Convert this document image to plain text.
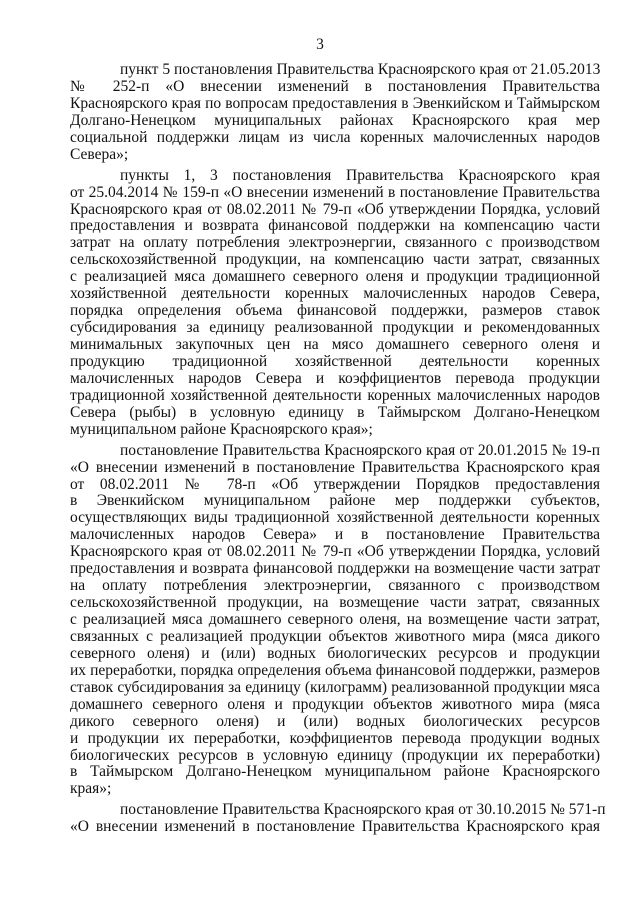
3
пункт 5 постановления Правительства Красноярского края от 21.05.2013
№ 252-п «О внесении изменений в постановления Правительства
Красноярского края по вопросам предоставления в Эвенкийском и Таймырском
Долгано-Ненецком муниципальных районах Красноярского края мер
социальной поддержки лицам из числа коренных малочисленных народов
Севера»;
пункты 1, 3 постановления Правительства Красноярского края
от 25.04.2014 № 159-п «О внесении изменений в постановление Правительства
Красноярского края от 08.02.2011 № 79-п «Об утверждении Порядка, условий
предоставления и возврата финансовой поддержки на компенсацию части
затрат на оплату потребления электроэнергии, связанного с производством
сельскохозяйственной продукции, на компенсацию части затрат, связанных
с реализацией мяса домашнего северного оленя и продукции традиционной
хозяйственной деятельности коренных малочисленных народов Севера,
порядка определения объема финансовой поддержки, размеров ставок
субсидирования за единицу реализованной продукции и рекомендованных
минимальных закупочных цен на мясо домашнего северного оленя и
продукцию традиционной хозяйственной деятельности коренных
малочисленных народов Севера и коэффициентов перевода продукции
традиционной хозяйственной деятельности коренных малочисленных народов
Севера (рыбы) в условную единицу в Таймырском Долгано-Ненецком
муниципальном районе Красноярского края»;
постановление Правительства Красноярского края от 20.01.2015 № 19-п
«О внесении изменений в постановление Правительства Красноярского края
от 08.02.2011 № 78-п «Об утверждении Порядков предоставления
в Эвенкийском муниципальном районе мер поддержки субъектов,
осуществляющих виды традиционной хозяйственной деятельности коренных
малочисленных народов Севера» и в постановление Правительства
Красноярского края от 08.02.2011 № 79-п «Об утверждении Порядка, условий
предоставления и возврата финансовой поддержки на возмещение части затрат
на оплату потребления электроэнергии, связанного с производством
сельскохозяйственной продукции, на возмещение части затрат, связанных
с реализацией мяса домашнего северного оленя, на возмещение части затрат,
связанных с реализацией продукции объектов животного мира (мяса дикого
северного оленя) и (или) водных биологических ресурсов и продукции
их переработки, порядка определения объема финансовой поддержки, размеров
ставок субсидирования за единицу (килограмм) реализованной продукции мяса
домашнего северного оленя и продукции объектов животного мира (мяса
дикого северного оленя) и (или) водных биологических ресурсов
и продукции их переработки, коэффициентов перевода продукции водных
биологических ресурсов в условную единицу (продукции их переработки)
в Таймырском Долгано-Ненецком муниципальном районе Красноярского
края»;
постановление Правительства Красноярского края от 30.10.2015 № 571-п
«О внесении изменений в постановление Правительства Красноярского края
